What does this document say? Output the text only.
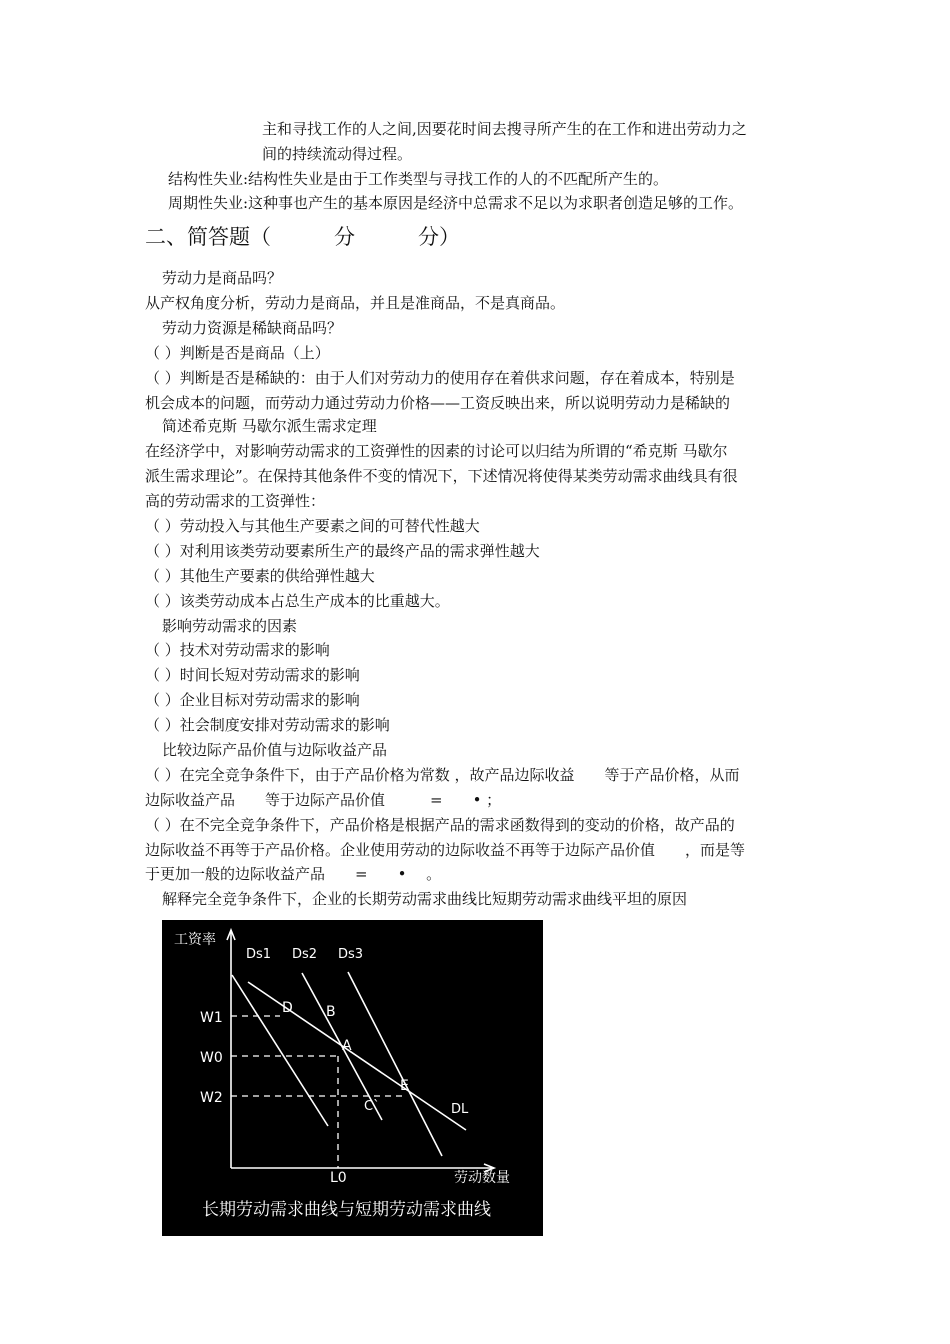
主和寻找工作的人之间,因要花时间去搜寻所产生的在工作和进出劳动力之
间的持续流动得过程。
结构性失业:结构性失业是由于工作类型与寻找工作的人的不匹配所产生的。
周期性失业:这种事也产生的基本原因是经济中总需求不足以为求职者创造足够的工作。
二、简答题（　　　分　　　分）
劳动力是商品吗？
从产权角度分析，劳动力是商品，并且是准商品，不是真商品。
劳动力资源是稀缺商品吗？
（ ）判断是否是商品（上）
（ ）判断是否是稀缺的：由于人们对劳动力的使用存在着供求问题，存在着成本，特别是
机会成本的问题，而劳动力通过劳动力价格——工资反映出来，所以说明劳动力是稀缺的
简述希克斯 马歇尔派生需求定理
在经济学中，对影响劳动需求的工资弹性的因素的讨论可以归结为所谓的“希克斯 马歇尔
派生需求理论”。在保持其他条件不变的情况下，下述情况将使得某类劳动需求曲线具有很
高的劳动需求的工资弹性：
（ ）劳动投入与其他生产要素之间的可替代性越大
（ ）对利用该类劳动要素所生产的最终产品的需求弹性越大
（ ）其他生产要素的供给弹性越大
（ ）该类劳动成本占总生产成本的比重越大。
影响劳动需求的因素
（ ）技术对劳动需求的影响
（ ）时间长短对劳动需求的影响
（ ）企业目标对劳动需求的影响
（ ）社会制度安排对劳动需求的影响
比较边际产品价值与边际收益产品
（ ）在完全竞争条件下，由于产品价格为常数 ，故产品边际收益　　等于产品价格，从而
边际收益产品　　等于边际产品价值　　　=　　• ；
（ ）在不完全竞争条件下，产品价格是根据产品的需求函数得到的变动的价格，故产品的
边际收益不再等于产品价格。企业使用劳动的边际收益不再等于边际产品价值　　，而是等
于更加一般的边际收益产品　　=　　•　 。
解释完全竞争条件下，企业的长期劳动需求曲线比短期劳动需求曲线平坦的原因
工资率
劳动数量
Ds1 Ds2 Ds3
DL
D B
A
E
C`
W1
W0
W2
L0
长期劳动需求曲线与短期劳动需求曲线
